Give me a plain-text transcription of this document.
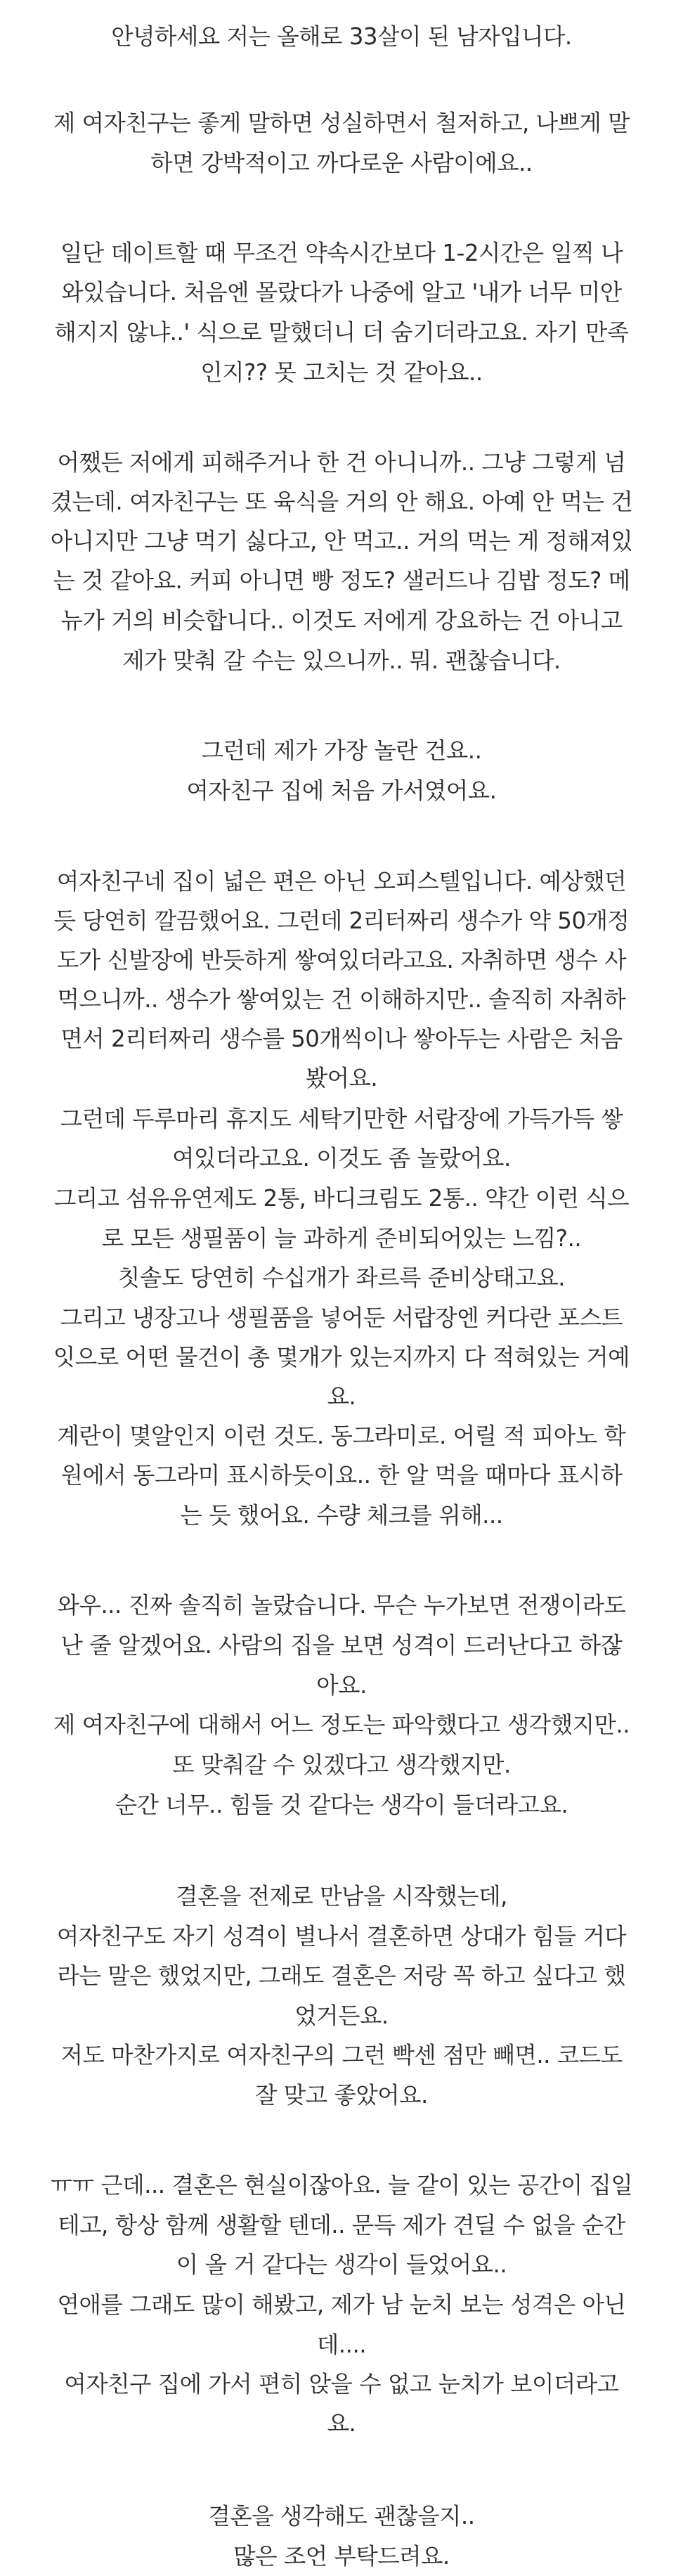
안녕하세요 저는 올해로 33살이 된 남자입니다.
제 여자친구는 좋게 말하면 성실하면서 철저하고, 나쁘게 말
하면 강박적이고 까다로운 사람이에요..
일단 데이트할 때 무조건 약속시간보다 1-2시간은 일찍 나
와있습니다. 처음엔 몰랐다가 나중에 알고 '내가 너무 미안
해지지 않냐..' 식으로 말했더니 더 숨기더라고요. 자기 만족
인지?? 못 고치는 것 같아요..
어쨌든 저에게 피해주거나 한 건 아니니까.. 그냥 그렇게 넘
겼는데. 여자친구는 또 육식을 거의 안 해요. 아예 안 먹는 건
아니지만 그냥 먹기 싫다고, 안 먹고.. 거의 먹는 게 정해져있
는 것 같아요. 커피 아니면 빵 정도? 샐러드나 김밥 정도? 메
뉴가 거의 비슷합니다.. 이것도 저에게 강요하는 건 아니고
제가 맞춰 갈 수는 있으니까.. 뭐. 괜찮습니다.
그런데 제가 가장 놀란 건요..
여자친구 집에 처음 가서였어요.
여자친구네 집이 넓은 편은 아닌 오피스텔입니다. 예상했던
듯 당연히 깔끔했어요. 그런데 2리터짜리 생수가 약 50개정
도가 신발장에 반듯하게 쌓여있더라고요. 자취하면 생수 사
먹으니까.. 생수가 쌓여있는 건 이해하지만.. 솔직히 자취하
면서 2리터짜리 생수를 50개씩이나 쌓아두는 사람은 처음
봤어요.
그런데 두루마리 휴지도 세탁기만한 서랍장에 가득가득 쌓
여있더라고요. 이것도 좀 놀랐어요.
그리고 섬유유연제도 2통, 바디크림도 2통.. 약간 이런 식으
로 모든 생필품이 늘 과하게 준비되어있는 느낌?..
칫솔도 당연히 수십개가 좌르륵 준비상태고요.
그리고 냉장고나 생필품을 넣어둔 서랍장엔 커다란 포스트
잇으로 어떤 물건이 총 몇개가 있는지까지 다 적혀있는 거예
요.
계란이 몇알인지 이런 것도. 동그라미로. 어릴 적 피아노 학
원에서 동그라미 표시하듯이요.. 한 알 먹을 때마다 표시하
는 듯 했어요. 수량 체크를 위해...
와우... 진짜 솔직히 놀랐습니다. 무슨 누가보면 전쟁이라도
난 줄 알겠어요. 사람의 집을 보면 성격이 드러난다고 하잖
아요.
제 여자친구에 대해서 어느 정도는 파악했다고 생각했지만..
또 맞춰갈 수 있겠다고 생각했지만.
순간 너무.. 힘들 것 같다는 생각이 들더라고요.
결혼을 전제로 만남을 시작했는데,
여자친구도 자기 성격이 별나서 결혼하면 상대가 힘들 거다
라는 말은 했었지만, 그래도 결혼은 저랑 꼭 하고 싶다고 했
었거든요.
저도 마찬가지로 여자친구의 그런 빡센 점만 빼면.. 코드도
잘 맞고 좋았어요.
ㅠㅠ 근데... 결혼은 현실이잖아요. 늘 같이 있는 공간이 집일
테고, 항상 함께 생활할 텐데.. 문득 제가 견딜 수 없을 순간
이 올 거 같다는 생각이 들었어요..
연애를 그래도 많이 해봤고, 제가 남 눈치 보는 성격은 아닌
데....
여자친구 집에 가서 편히 앉을 수 없고 눈치가 보이더라고
요.
결혼을 생각해도 괜찮을지..
많은 조언 부탁드려요.
